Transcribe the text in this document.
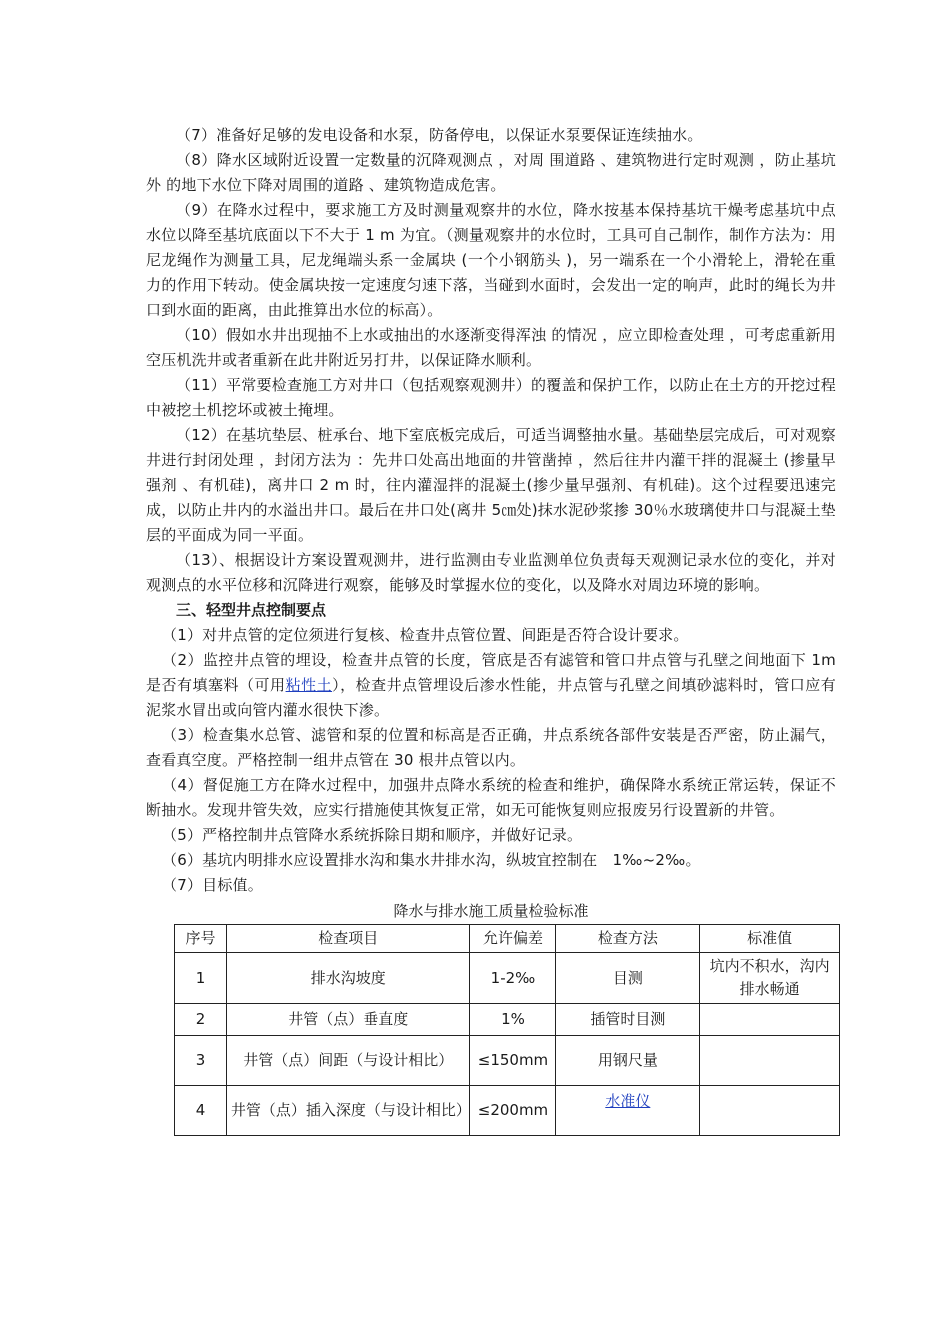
（7）准备好足够的发电设备和水泵，防备停电，以保证水泵要保证连续抽水。

（8）降水区域附近设置一定数量的沉降观测点 ，对周 围道路 、建筑物进行定时观测 ，防止基坑外 的地下水位下降对周围的道路 、建筑物造成危害。

（9）在降水过程中，要求施工方及时测量观察井的水位，降水按基本保持基坑干燥考虑基坑中点水位以降至基坑底面以下不大于 1 m 为宜。（测量观察井的水位时，工具可自己制作，制作方法为：用尼龙绳作为测量工具，尼龙绳端头系一金属块 (一个小钢筋头 )，另一端系在一个小滑轮上，滑轮在重力的作用下转动。使金属块按一定速度匀速下落，当碰到水面时，会发出一定的响声，此时的绳长为井口到水面的距离，由此推算出水位的标高）。

（10）假如水井出现抽不上水或抽出的水逐渐变得浑浊 的情况 ，应立即检查处理 ，可考虑重新用空压机洗井或者重新在此井附近另打井，以保证降水顺利。

（11）平常要检查施工方对井口（包括观察观测井）的覆盖和保护工作，以防止在土方的开挖过程中被挖土机挖坏或被土掩埋。

（12）在基坑垫层、桩承台、地下室底板完成后，可适当调整抽水量。基础垫层完成后，可对观察井进行封闭处理 ，封闭方法为 ：先井口处高出地面的井管凿掉 ，然后往井内灌干拌的混凝土 (掺量早强剂 、有机硅)，离井口 2 m 时，往内灌湿拌的混凝土(掺少量早强剂、有机硅)。这个过程要迅速完成，以防止井内的水溢出井口。最后在井口处(离井 5㎝处)抹水泥砂浆掺 30％水玻璃使井口与混凝土垫层的平面成为同一平面。

（13）、根据设计方案设置观测井，进行监测由专业监测单位负责每天观测记录水位的变化，并对观测点的水平位移和沉降进行观察，能够及时掌握水位的变化，以及降水对周边环境的影响。

三、轻型井点控制要点

（1）对井点管的定位须进行复核、检查井点管位置、间距是否符合设计要求。

（2）监控井点管的埋设，检查井点管的长度，管底是否有滤管和管口井点管与孔壁之间地面下 1m 是否有填塞料（可用粘性土），检查井点管埋设后渗水性能，井点管与孔壁之间填砂滤料时，管口应有泥浆水冒出或向管内灌水很快下渗。

（3）检查集水总管、滤管和泵的位置和标高是否正确，井点系统各部件安装是否严密，防止漏气，查看真空度。严格控制一组井点管在 30 根井点管以内。

（4）督促施工方在降水过程中，加强井点降水系统的检查和维护，确保降水系统正常运转，保证不断抽水。发现井管失效，应实行措施使其恢复正常，如无可能恢复则应报废另行设置新的井管。

（5）严格控制井点管降水系统拆除日期和顺序，并做好记录。

（6）基坑内明排水应设置排水沟和集水井排水沟，纵坡宜控制在　1‰~2‰。

（7）目标值。

降水与排水施工质量检验标准
序号	检查项目	允许偏差	检查方法	标准值
1	排水沟坡度	1-2‰	目测	坑内不积水，沟内排水畅通
2	井管（点）垂直度	1%	插管时目测	
3	井管（点）间距（与设计相比）	≤150mm	用钢尺量	
4	井管（点）插入深度（与设计相比）	≤200mm	水准仪	
